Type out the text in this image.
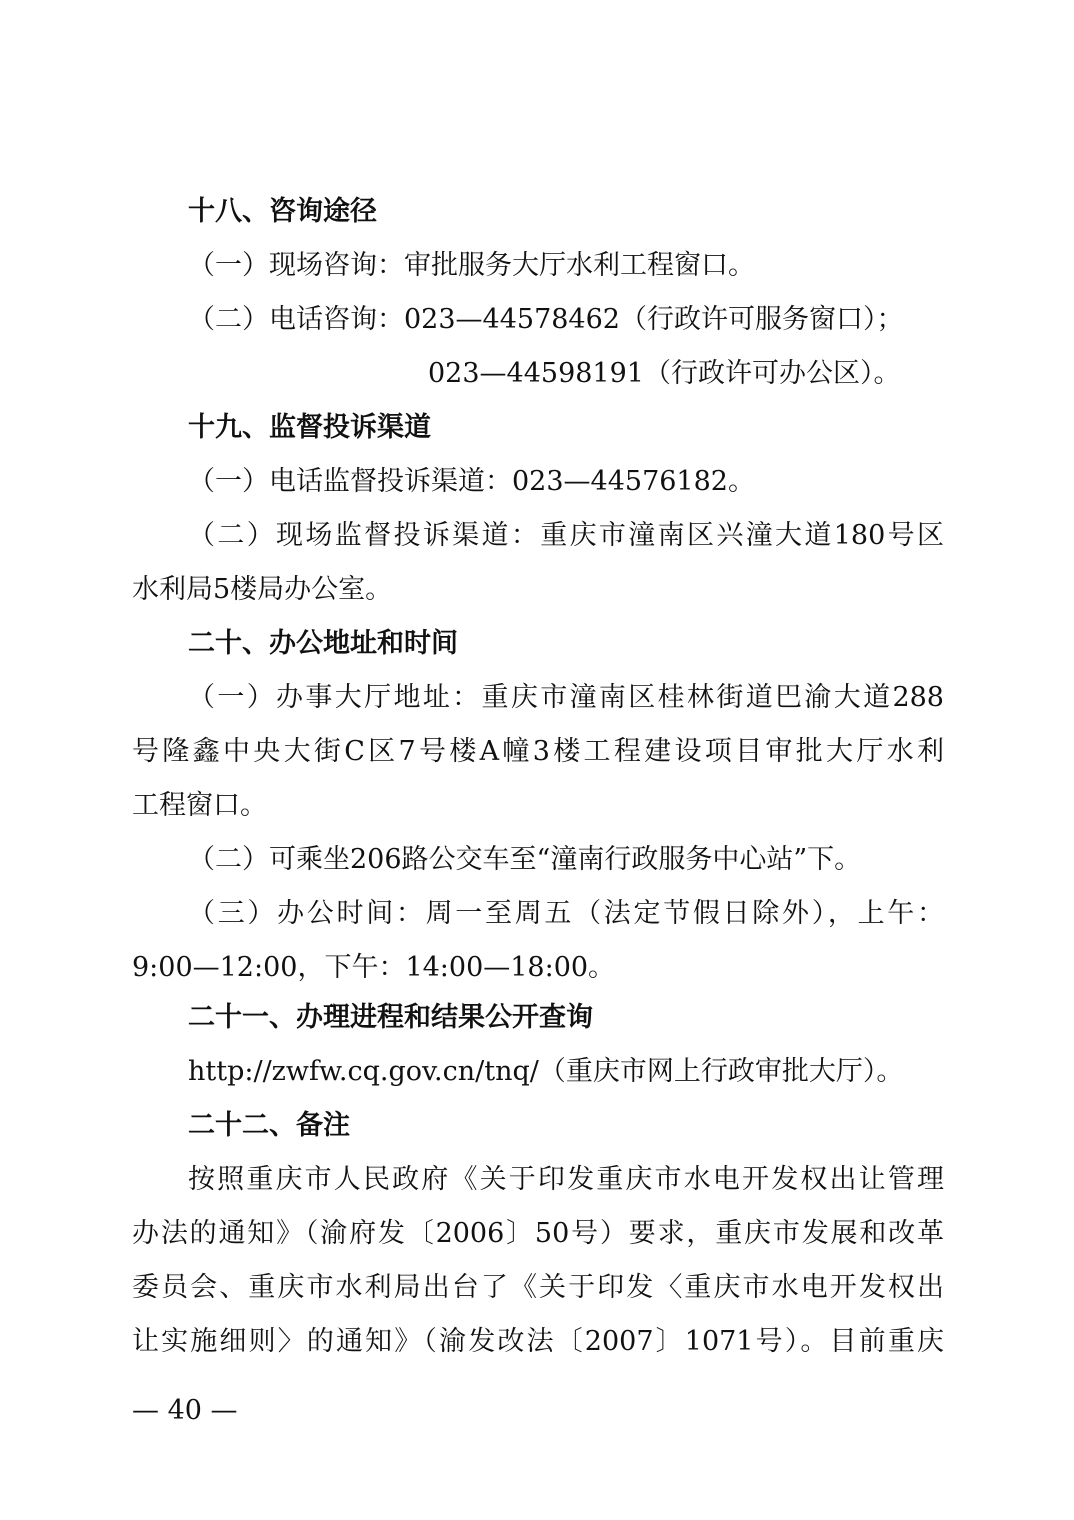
十八、咨询途径
（一）现场咨询：审批服务大厅水利工程窗口。
（二）电话咨询：023—44578462（行政许可服务窗口）；
023—44598191（行政许可办公区）。
十九、监督投诉渠道
（一）电话监督投诉渠道：023—44576182。
（二）现场监督投诉渠道：重庆市潼南区兴潼大道180号区
水利局5楼局办公室。
二十、办公地址和时间
（一）办事大厅地址：重庆市潼南区桂林街道巴渝大道288
号隆鑫中央大街C区7号楼A幢3楼工程建设项目审批大厅水利
工程窗口。
（二）可乘坐206路公交车至“潼南行政服务中心站”下。
（三）办公时间：周一至周五（法定节假日除外），上午：
9:00—12:00，下午：14:00—18:00。
二十一、办理进程和结果公开查询
http://zwfw.cq.gov.cn/tnq/（重庆市网上行政审批大厅）。
二十二、备注
按照重庆市人民政府《关于印发重庆市水电开发权出让管理
办法的通知》（渝府发〔2006〕50号）要求，重庆市发展和改革
委员会、重庆市水利局出台了《关于印发〈重庆市水电开发权出
让实施细则〉的通知》（渝发改法〔2007〕1071号）。目前重庆
— 40 —
